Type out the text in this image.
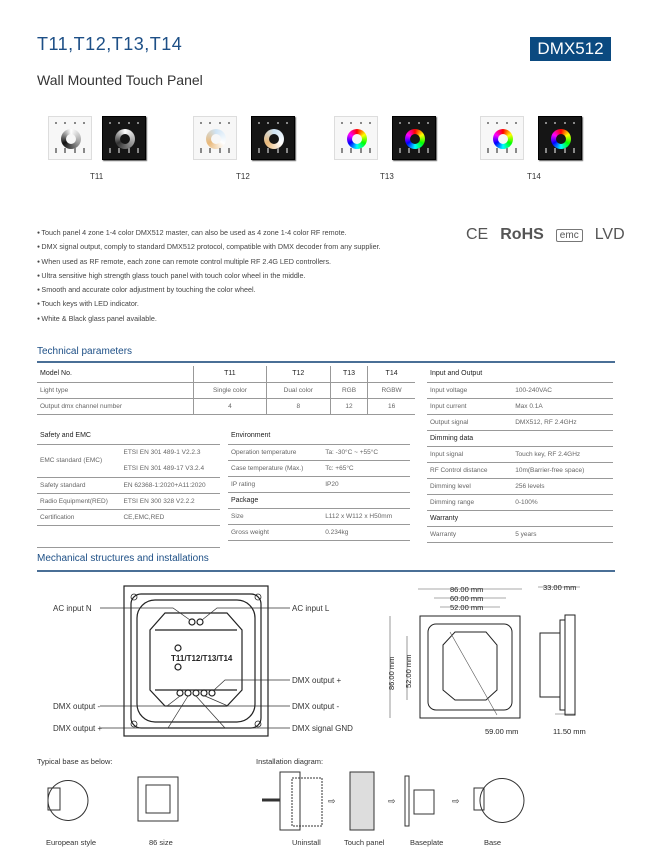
T11,T12,T13,T14	DMX512
Wall Mounted Touch Panel
T11	T12	T13	T14
● Touch panel 4 zone 1-4 color DMX512 master, can also be used as 4 zone 1-4 color RF remote.
● DMX signal output, comply to standard DMX512 protocol, compatible with DMX decoder from any supplier.
● When used as RF remote, each zone can remote control multiple RF 2.4G LED controllers.
● Ultra sensitive high strength glass touch panel with touch color wheel in the middle.
● Smooth and accurate color adjustment by touching the color wheel.
● Touch keys with LED indicator.
● White & Black glass panel available.
CE RoHS	emc LVD
Technical parameters
Model No.	T11	T12	T13	T14
Light type	Single color	Dual color	RGB	RGBW
Output dmx channel number	4	8	12	16
Safety and EMC	
EMC standard (EMC)	ETSI EN 301 489-1 V2.2.3
ETSI EN 301 489-17 V3.2.4

Safety standard	EN 62368-1:2020+A11:2020
Radio Equipment(RED)	ETSI EN 300 328 V2.2.2
Certification	CE,EMC,RED

Environment	
Operation temperature	Ta: -30°C ~ +55°C
Case temperature (Max.)	Tc: +65°C
IP rating	IP20
Package	
Size	L112 x W112 x H50mm
Gross weight	0.234kg
Input and Output	
Input voltage	100-240VAC
Input current	Max 0.1A
Output signal	DMX512, RF 2.4GHz
Dimming data	
Input signal	Touch key, RF 2.4GHz
RF Control distance	10m(Barrier-free space)
Dimming level	256 levels
Dimming range	0-100%
Warranty	
Warranty	5 years
Mechanical structures and installations
T11/T12/T13/T14
AC input N	AC input L
DMX output +
DMX output -	DMX output -
DMX output +	DMX signal GND
86.00 mm
60.00 mm
52.00 mm
33.00 mm
59.00 mm	11.50 mm
86.00 mm 52.00 mm
⇨	⇨	⇨
Typical base as below:
European style	86 size
Installation diagram:
Uninstall	Touch panel	Baseplate	Base
